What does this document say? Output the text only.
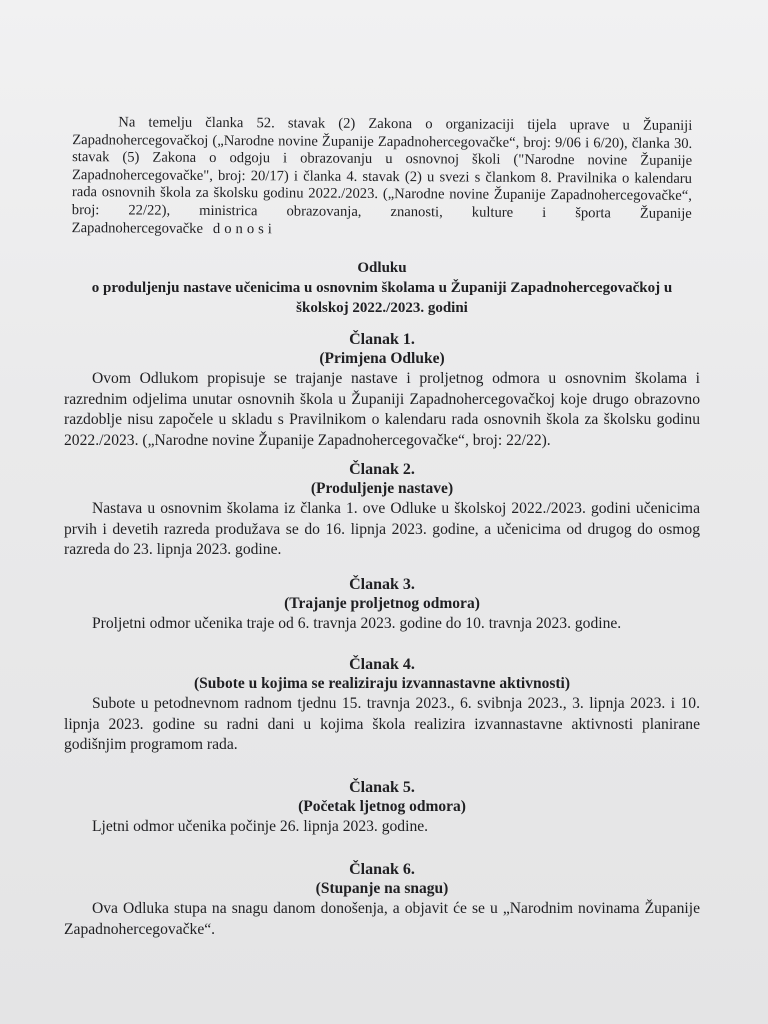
Na temelju članka 52. stavak (2) Zakona o organizaciji tijela uprave u Županiji Zapadnohercegovačkoj („Narodne novine Županije Zapadnohercegovačke“, broj: 9/06 i 6/20), članka 30. stavak (5) Zakona o odgoju i obrazovanju u osnovnoj školi ("Narodne novine Županije Zapadnohercegovačke", broj: 20/17) i članka 4. stavak (2) u svezi s člankom 8. Pravilnika o kalendaru rada osnovnih škola za školsku godinu 2022./2023. („Narodne novine Županije Zapadnohercegovačke“, broj: 22/22), ministrica obrazovanja, znanosti, kulture i športa Županije Zapadnohercegovačke donosi

Odluku

o produljenju nastave učenicima u osnovnim školama u Županiji Zapadnohercegovačkoj u školskoj 2022./2023. godini

Članak 1.

(Primjena Odluke)

Ovom Odlukom propisuje se trajanje nastave i proljetnog odmora u osnovnim školama i razrednim odjelima unutar osnovnih škola u Županiji Zapadnohercegovačkoj koje drugo obrazovno razdoblje nisu započele u skladu s Pravilnikom o kalendaru rada osnovnih škola za školsku godinu 2022./2023. („Narodne novine Županije Zapadnohercegovačke“, broj: 22/22).

Članak 2.

(Produljenje nastave)

Nastava u osnovnim školama iz članka 1. ove Odluke u školskoj 2022./2023. godini učenicima prvih i devetih razreda produžava se do 16. lipnja 2023. godine, a učenicima od drugog do osmog razreda do 23. lipnja 2023. godine.

Članak 3.

(Trajanje proljetnog odmora)

Proljetni odmor učenika traje od 6. travnja 2023. godine do 10. travnja 2023. godine.

Članak 4.

(Subote u kojima se realiziraju izvannastavne aktivnosti)

Subote u petodnevnom radnom tjednu 15. travnja 2023., 6. svibnja 2023., 3. lipnja 2023. i 10. lipnja 2023. godine su radni dani u kojima škola realizira izvannastavne aktivnosti planirane godišnjim programom rada.

Članak 5.

(Početak ljetnog odmora)

Ljetni odmor učenika počinje 26. lipnja 2023. godine.

Članak 6.

(Stupanje na snagu)

Ova Odluka stupa na snagu danom donošenja, a objavit će se u „Narodnim novinama Županije Zapadnohercegovačke“.
